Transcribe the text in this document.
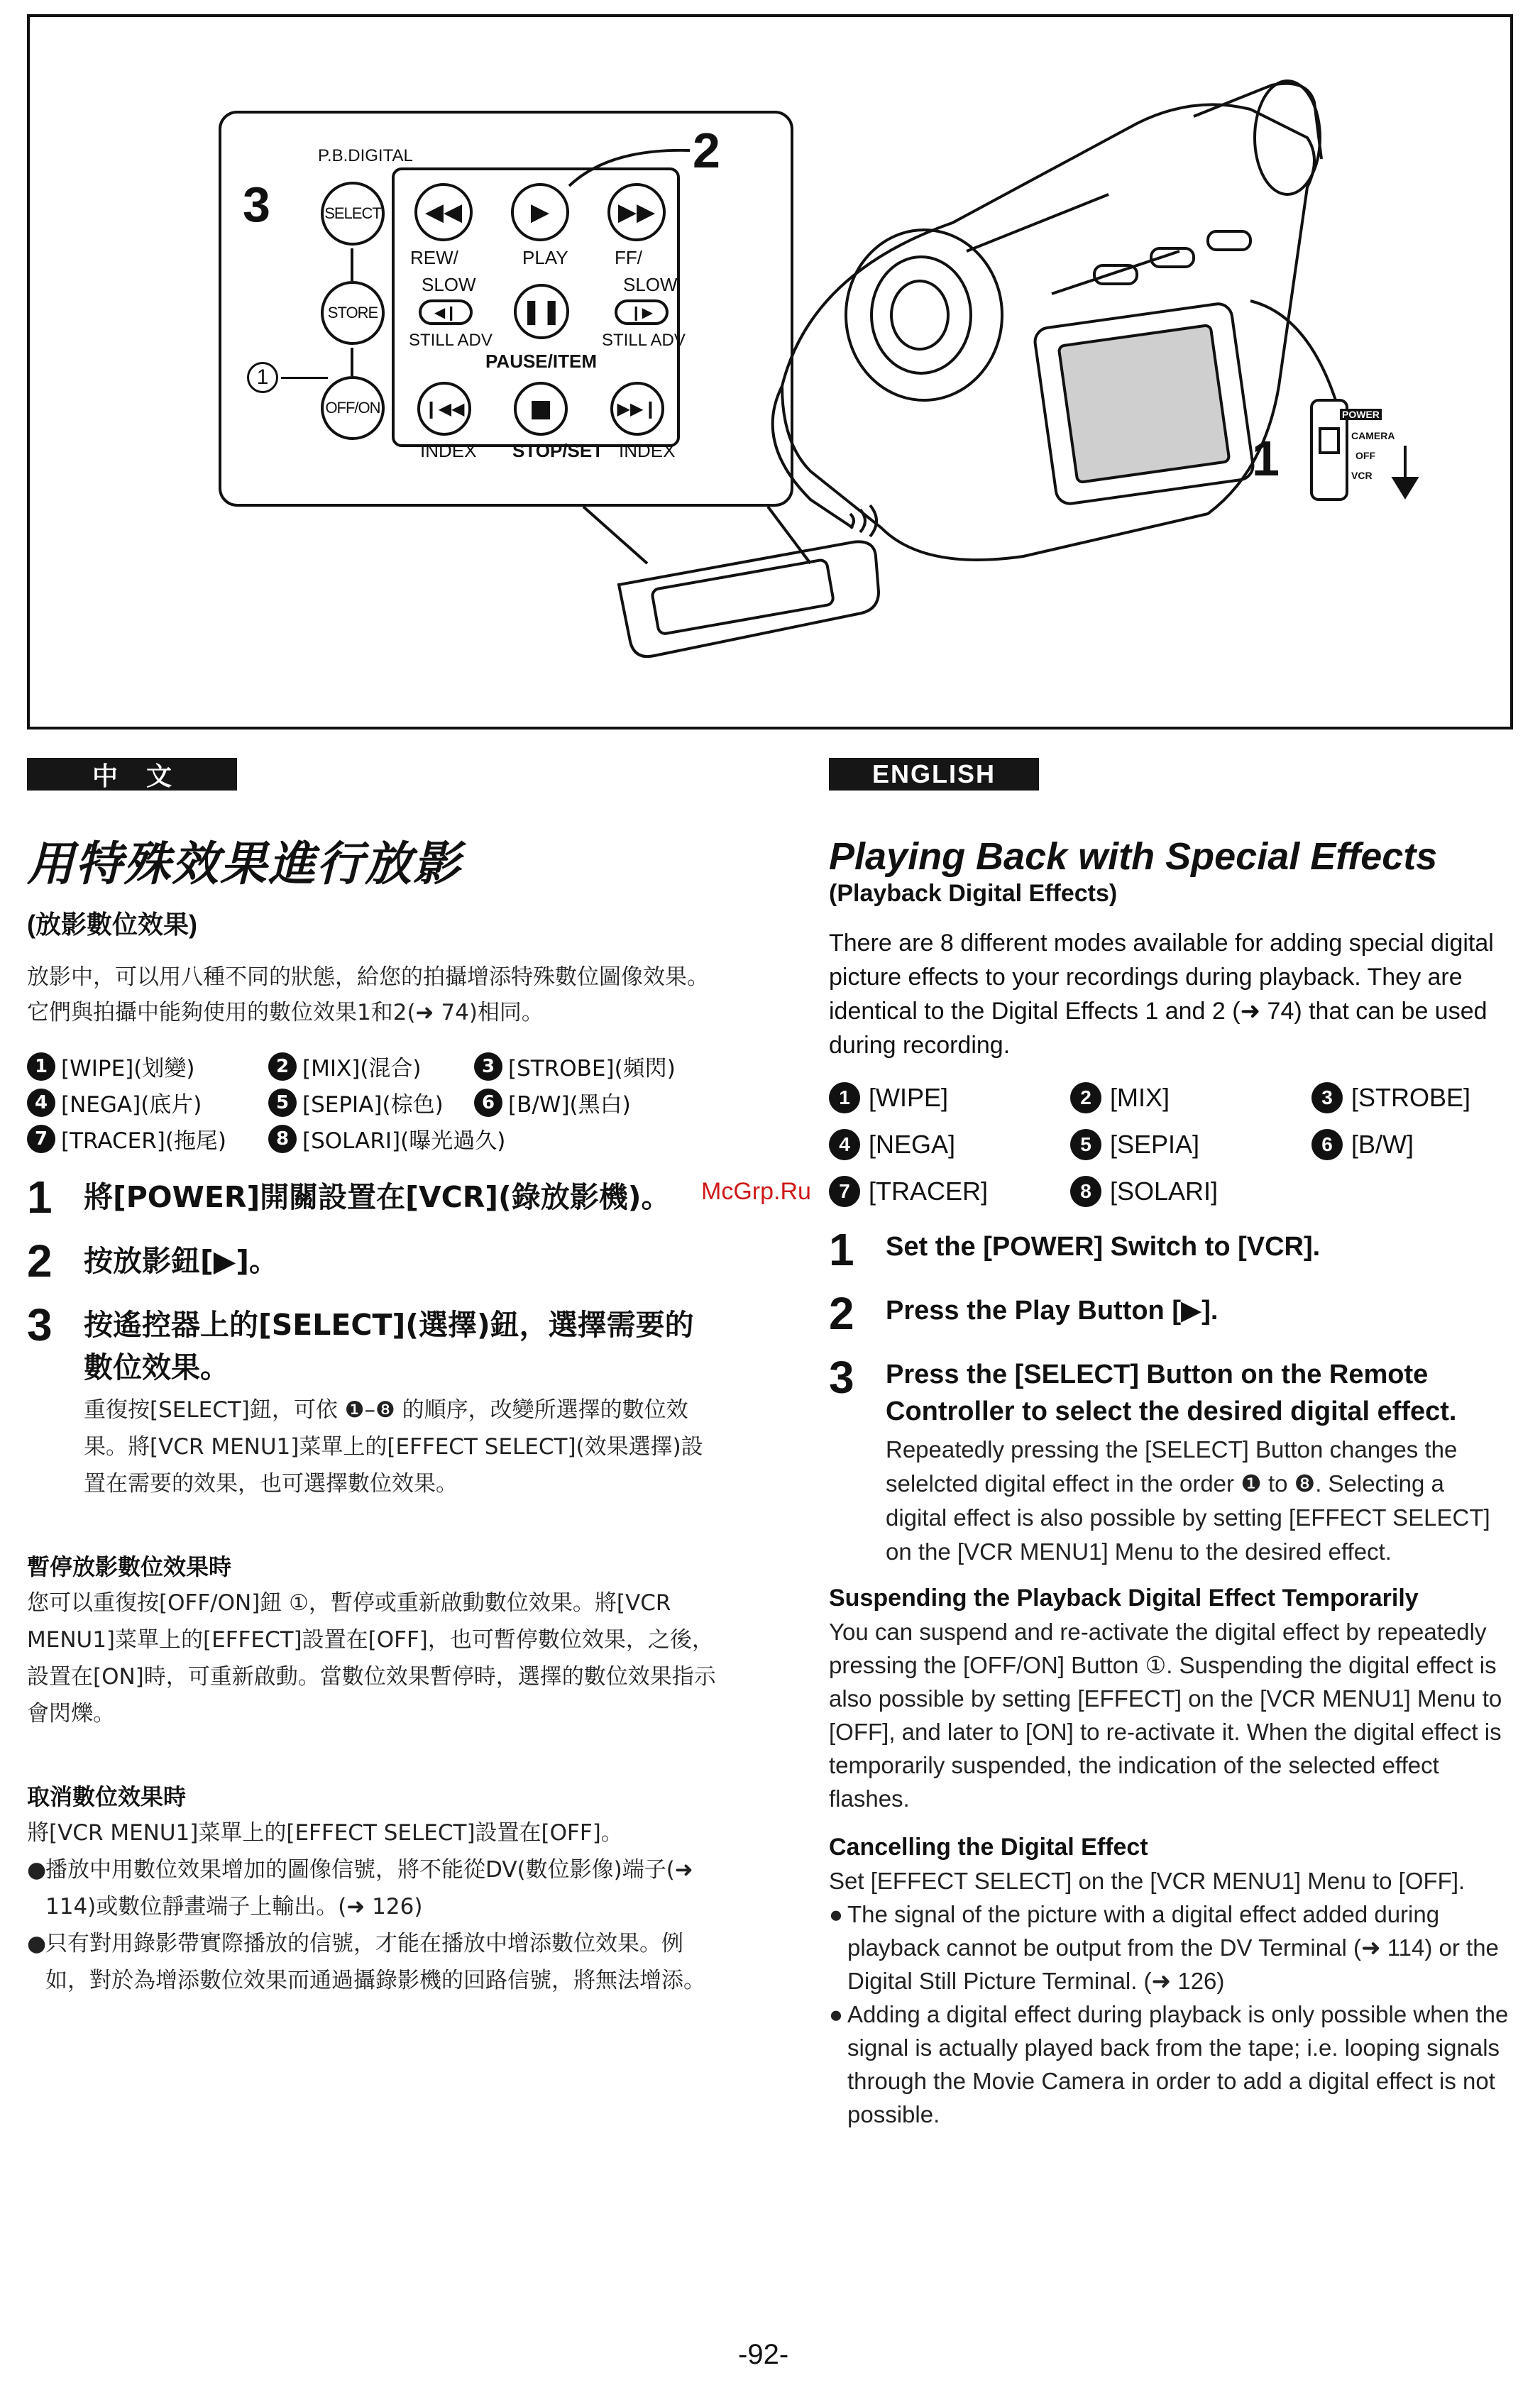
3
2
1
P.B.DIGITAL
SELECT
STORE
OFF/ON
1
◀◀	▶	▶▶
REW/	PLAY	FF/
SLOW	SLOW
◀❙	❚❚	❙▶
STILL ADV	STILL ADV
PAUSE/ITEM
❙◀◀	■	▶▶❙
INDEX STOP/SET INDEX
POWER
CAMERA
OFF
VCR
中文
用特殊效果進行放影
(放影數位效果)
放影中，可以用八種不同的狀態，給您的拍攝增添特殊數位圖像效果。它們與拍攝中能夠使用的數位效果1和2(➜ 74)相同。
1 [WIPE](划變)	2 [MIX](混合)	3 [STROBE](頻閃)
4 [NEGA](底片)	5 [SEPIA](棕色)	6 [B/W](黑白)
7 [TRACER](拖尾)	8 [SOLARI](曝光過久)
1	將[POWER]開關設置在[VCR](錄放影機)。
2	按放影鈕[▶]。
3	按遙控器上的[SELECT](選擇)鈕，選擇需要的數位效果。
重復按[SELECT]鈕，可依 ❶–❽ 的順序，改變所選擇的數位效果。將[VCR MENU1]菜單上的[EFFECT SELECT](效果選擇)設置在需要的效果，也可選擇數位效果。
暫停放影數位效果時
您可以重復按[OFF/ON]鈕 ①，暫停或重新啟動數位效果。將[VCR MENU1]菜單上的[EFFECT]設置在[OFF]，也可暫停數位效果，之後，設置在[ON]時，可重新啟動。當數位效果暫停時，選擇的數位效果指示會閃爍。
取消數位效果時
將[VCR MENU1]菜單上的[EFFECT SELECT]設置在[OFF]。
●
播放中用數位效果增加的圖像信號，將不能從DV(數位影像)端子(➜ 114)或數位靜畫端子上輸出。(➜ 126)
●
只有對用錄影帶實際播放的信號，才能在播放中增添數位效果。例如，對於為增添數位效果而通過攝錄影機的回路信號，將無法增添。
ENGLISH
Playing Back with Special Effects
(Playback Digital Effects)
There are 8 different modes available for adding special digital picture effects to your recordings during playback. They are identical to the Digital Effects 1 and 2 (➜ 74) that can be used during recording.
1 [WIPE]	2 [MIX]	3 [STROBE]
4 [NEGA]	5 [SEPIA]	6 [B/W]
7 [TRACER]	8 [SOLARI]
1	Set the [POWER] Switch to [VCR].
2	Press the Play Button [▶].
3	Press the [SELECT] Button on the Remote Controller to select the desired digital effect.
Repeatedly pressing the [SELECT] Button changes the selelcted digital effect in the order ❶ to ❽. Selecting a digital effect is also possible by setting [EFFECT SELECT] on the [VCR MENU1] Menu to the desired effect.
Suspending the Playback Digital Effect Temporarily
You can suspend and re-activate the digital effect by repeatedly pressing the [OFF/ON] Button ①. Suspending the digital effect is also possible by setting [EFFECT] on the [VCR MENU1] Menu to [OFF], and later to [ON] to re-activate it. When the digital effect is temporarily suspended, the indication of the selected effect flashes.
Cancelling the Digital Effect
Set [EFFECT SELECT] on the [VCR MENU1] Menu to [OFF].
● The signal of the picture with a digital effect added during playback cannot be output from the DV Terminal (➜ 114) or the Digital Still Picture Terminal. (➜ 126)
● Adding a digital effect during playback is only possible when the signal is actually played back from the tape; i.e. looping signals through the Movie Camera in order to add a digital effect is not possible.
McGrp.Ru
-92-
